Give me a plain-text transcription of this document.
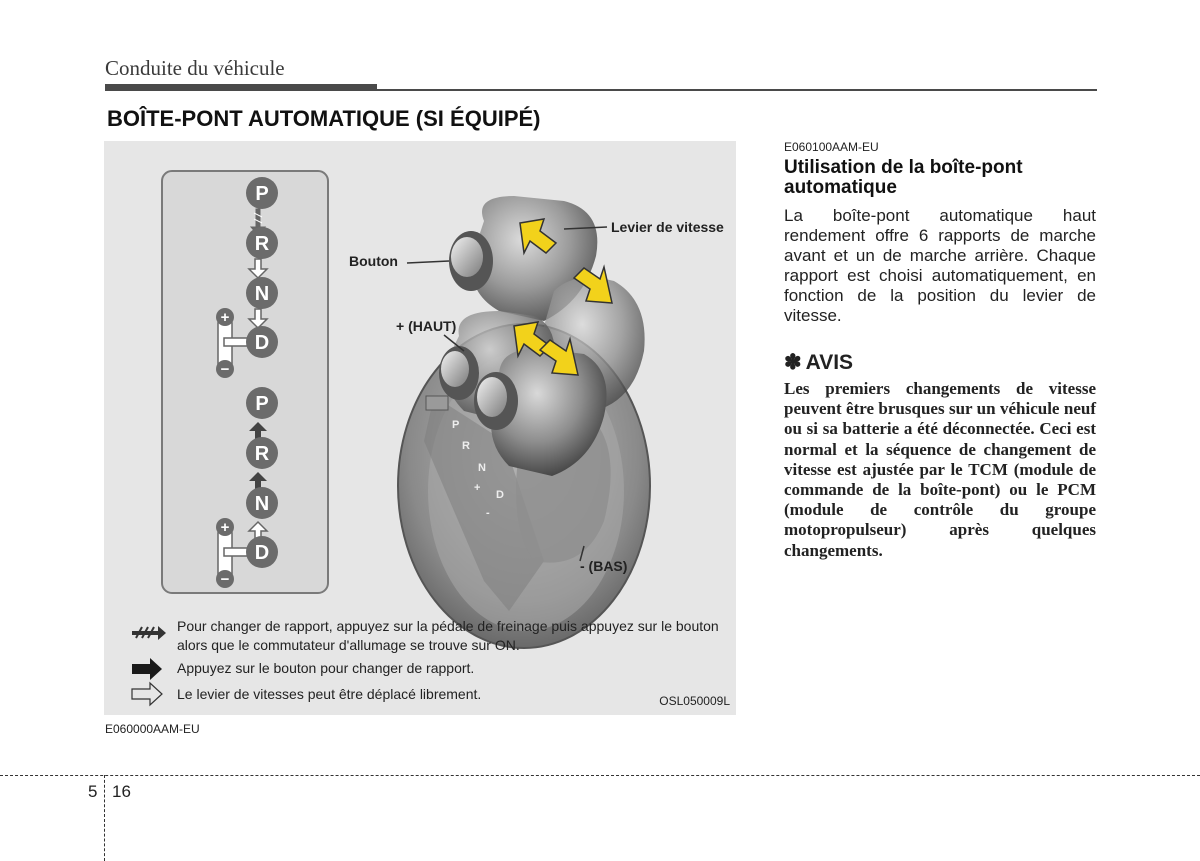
Conduite du véhicule
BOÎTE-PONT AUTOMATIQUE (SI ÉQUIPÉ)
P
R
N
D
+
−
P
R
N
D
+
−
P
R
N
D
+
-
Levier de vitesse
Bouton
+ (HAUT)
- (BAS)
Pour changer de rapport, appuyez sur la pédale de freinage puis appuyez sur le bouton alors que le commutateur d'allumage se trouve sur ON.
Appuyez sur le bouton pour changer de rapport.
Le levier de vitesses peut être déplacé librement.	OSL050009L
E060000AAM-EU
E060100AAM-EU
Utilisation de la boîte-pont automatique
La boîte-pont automatique haut rendement offre 6 rapports de marche avant et un de marche arrière. Chaque rapport est choisi automatiquement, en fonction de la position du levier de vitesse.
✽ AVIS
Les premiers changements de vitesse peuvent être brusques sur un véhicule neuf ou si sa batterie a été déconnectée. Ceci est normal et la séquence de changement de vitesse est ajustée par le TCM (module de commande de la boîte-pont) ou le PCM (module de contrôle du groupe motopropulseur) après quelques changements.
5 16
